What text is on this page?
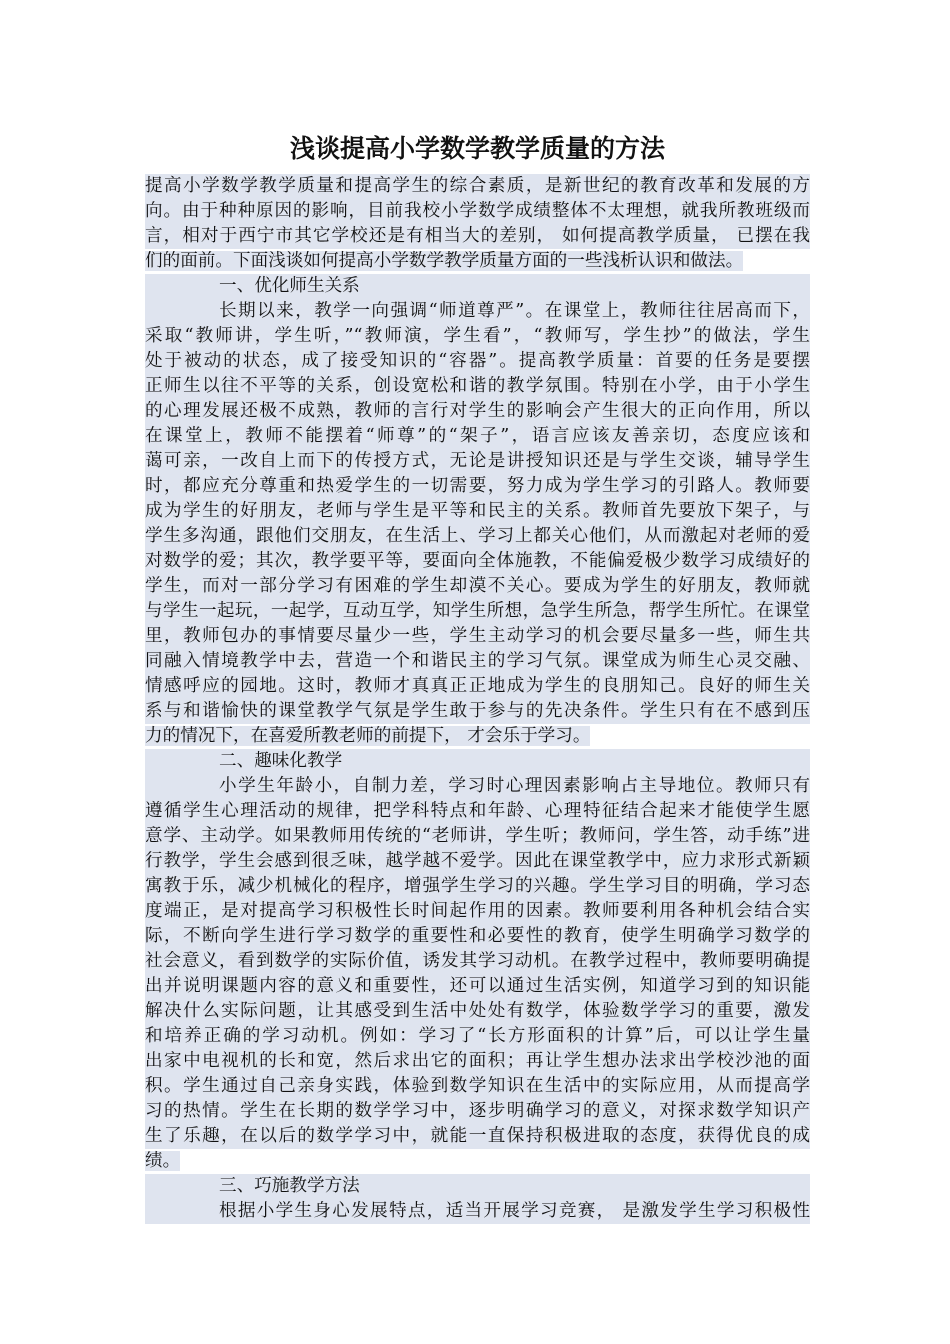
浅谈提高小学数学教学质量的方法
提高小学数学教学质量和提高学生的综合素质，是新世纪的教育改革和发展的方
向。由于种种原因的影响，目前我校小学数学成绩整体不太理想，就我所教班级而
言，相对于西宁市其它学校还是有相当大的差别， 如何提高教学质量， 已摆在我
们的面前。下面浅谈如何提高小学数学教学质量方面的一些浅析认识和做法。
一、优化师生关系
长期以来，教学一向强调“师道尊严”。在课堂上，教师往往居高而下，
采取“教师讲，学生听，”“教师演，学生看”，“教师写，学生抄”的做法，学生
处于被动的状态，成了接受知识的“容器”。提高教学质量：首要的任务是要摆
正师生以往不平等的关系，创设宽松和谐的教学氛围。特别在小学，由于小学生
的心理发展还极不成熟，教师的言行对学生的影响会产生很大的正向作用，所以
在课堂上，教师不能摆着“师尊”的“架子”，语言应该友善亲切，态度应该和
蔼可亲，一改自上而下的传授方式，无论是讲授知识还是与学生交谈，辅导学生
时，都应充分尊重和热爱学生的一切需要，努力成为学生学习的引路人。教师要
成为学生的好朋友，老师与学生是平等和民主的关系。教师首先要放下架子，与
学生多沟通，跟他们交朋友，在生活上、学习上都关心他们，从而激起对老师的爱
对数学的爱；其次，教学要平等，要面向全体施教，不能偏爱极少数学习成绩好的
学生，而对一部分学习有困难的学生却漠不关心。要成为学生的好朋友，教师就
与学生一起玩，一起学，互动互学，知学生所想，急学生所急，帮学生所忙。在课堂
里，教师包办的事情要尽量少一些，学生主动学习的机会要尽量多一些，师生共
同融入情境教学中去，营造一个和谐民主的学习气氛。课堂成为师生心灵交融、
情感呼应的园地。这时，教师才真真正正地成为学生的良朋知己。良好的师生关
系与和谐愉快的课堂教学气氛是学生敢于参与的先决条件。学生只有在不感到压
力的情况下，在喜爱所教老师的前提下， 才会乐于学习。
二、趣味化教学
小学生年龄小，自制力差，学习时心理因素影响占主导地位。教师只有
遵循学生心理活动的规律，把学科特点和年龄、心理特征结合起来才能使学生愿
意学、主动学。如果教师用传统的“老师讲，学生听；教师问，学生答，动手练”进
行教学，学生会感到很乏味，越学越不爱学。因此在课堂教学中，应力求形式新颖
寓教于乐，减少机械化的程序，增强学生学习的兴趣。学生学习目的明确，学习态
度端正，是对提高学习积极性长时间起作用的因素。教师要利用各种机会结合实
际，不断向学生进行学习数学的重要性和必要性的教育，使学生明确学习数学的
社会意义，看到数学的实际价值，诱发其学习动机。在教学过程中，教师要明确提
出并说明课题内容的意义和重要性，还可以通过生活实例，知道学习到的知识能
解决什么实际问题，让其感受到生活中处处有数学，体验数学学习的重要，激发
和培养正确的学习动机。例如：学习了“长方形面积的计算”后，可以让学生量
出家中电视机的长和宽，然后求出它的面积；再让学生想办法求出学校沙池的面
积。学生通过自己亲身实践，体验到数学知识在生活中的实际应用，从而提高学
习的热情。学生在长期的数学学习中，逐步明确学习的意义，对探求数学知识产
生了乐趣，在以后的数学学习中，就能一直保持积极进取的态度，获得优良的成
绩。
三、巧施教学方法
根据小学生身心发展特点，适当开展学习竞赛， 是激发学生学习积极性
